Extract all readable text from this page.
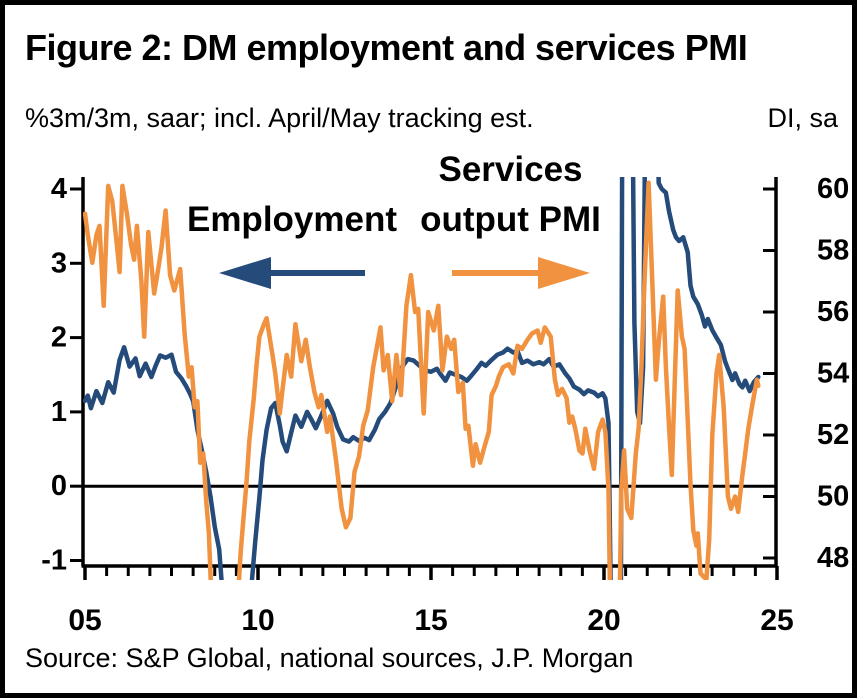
Figure 2: DM employment and services PMI
%3m/3m, saar; incl. April/May tracking est.	DI, sa
4
3
2
1
0
-1
60
58
56
54
52
50
48
05	10	15	20	25
Employment
Services
output PMI
Source: S&P Global, national sources, J.P. Morgan
